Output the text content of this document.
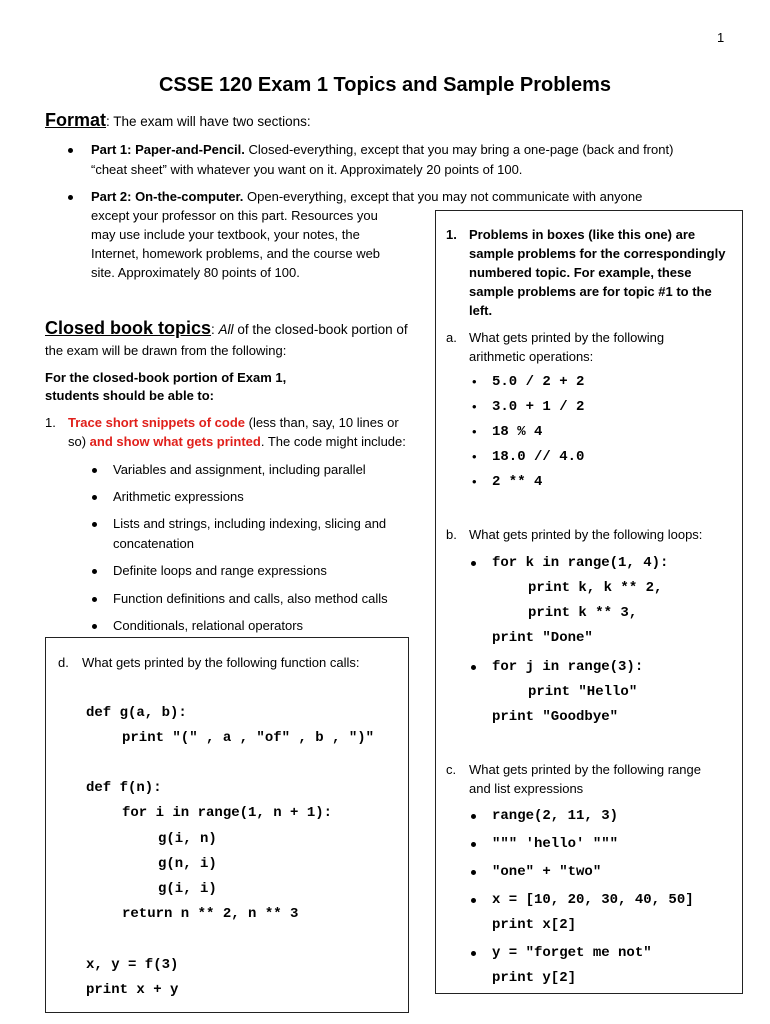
1
CSSE 120 Exam 1 Topics and Sample Problems
Format: The exam will have two sections:
Part 1: Paper-and-Pencil. Closed-everything, except that you may bring a one-page (back and front)
“cheat sheet” with whatever you want on it. Approximately 20 points of 100.
Part 2: On-the-computer. Open-everything, except that you may not communicate with anyone
except your professor on this part. Resources you
may use include your textbook, your notes, the
Internet, homework problems, and the course web
site. Approximately 80 points of 100.
Closed book topics: All of the closed-book portion of
the exam will be drawn from the following:
For the closed-book portion of Exam 1,
students should be able to:
1. Trace short snippets of code (less than, say, 10 lines or
so) and show what gets printed. The code might include:
Variables and assignment, including parallel
Arithmetic expressions
Lists and strings, including indexing, slicing and
concatenation
Definite loops and range expressions
Function definitions and calls, also method calls
Conditionals, relational operators
d. What gets printed by the following function calls:
def g(a, b):
print "(" , a , "of" , b , ")"
def f(n):
for i in range(1, n + 1):
g(i, n)
g(n, i)
g(i, i)
return n ** 2, n ** 3
x, y = f(3)
print x + y
1. Problems in boxes (like this one) are
sample problems for the correspondingly
numbered topic. For example, these
sample problems are for topic #1 to the
left.
a. What gets printed by the following
arithmetic operations:
• 5.0 / 2 + 2
• 3.0 + 1 / 2
• 18 % 4
• 18.0 // 4.0
• 2 ** 4
b. What gets printed by the following loops:
for k in range(1, 4):
print k, k ** 2,
print k ** 3,
print "Done"
for j in range(3):
print "Hello"
print "Goodbye"
c. What gets printed by the following range
and list expressions
range(2, 11, 3)
""" 'hello' """
"one" + "two"
x = [10, 20, 30, 40, 50]
print x[2]
y = "forget me not"
print y[2]
